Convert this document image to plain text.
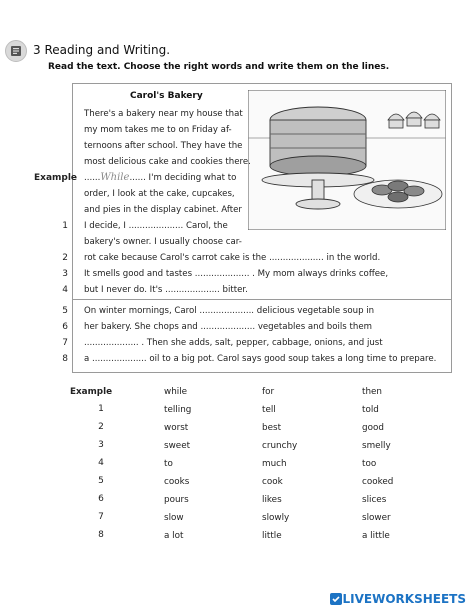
3 Reading and Writing.
Read the text. Choose the right words and write them on the lines.
Carol's Bakery
There's a bakery near my house that
my mom takes me to on Friday af-
ternoons after school. They have the
most delicious cake and cookies there.
Example ......While...... I'm deciding what to
order, I look at the cake, cupcakes,
and pies in the display cabinet. After
1 I decide, I .................... Carol, the
bakery's owner. I usually choose car-
2 rot cake because Carol's carrot cake is the .................... in the world.
3 It smells good and tastes .................... . My mom always drinks coffee,
4 but I never do. It's .................... bitter.
5 On winter mornings, Carol .................... delicious vegetable soup in
6 her bakery. She chops and .................... vegetables and boils them
7 .................... . Then she adds, salt, pepper, cabbage, onions, and just
8 a .................... oil to a big pot. Carol says good soup takes a long time to prepare.
Example	while	for	then
1	telling	tell	told
2	worst	best	good
3	sweet	crunchy	smelly
4	to	much	too
5	cooks	cook	cooked
6	pours	likes	slices
7	slow	slowly	slower
8	a lot	little	a little
LIVEWORKSHEETS
